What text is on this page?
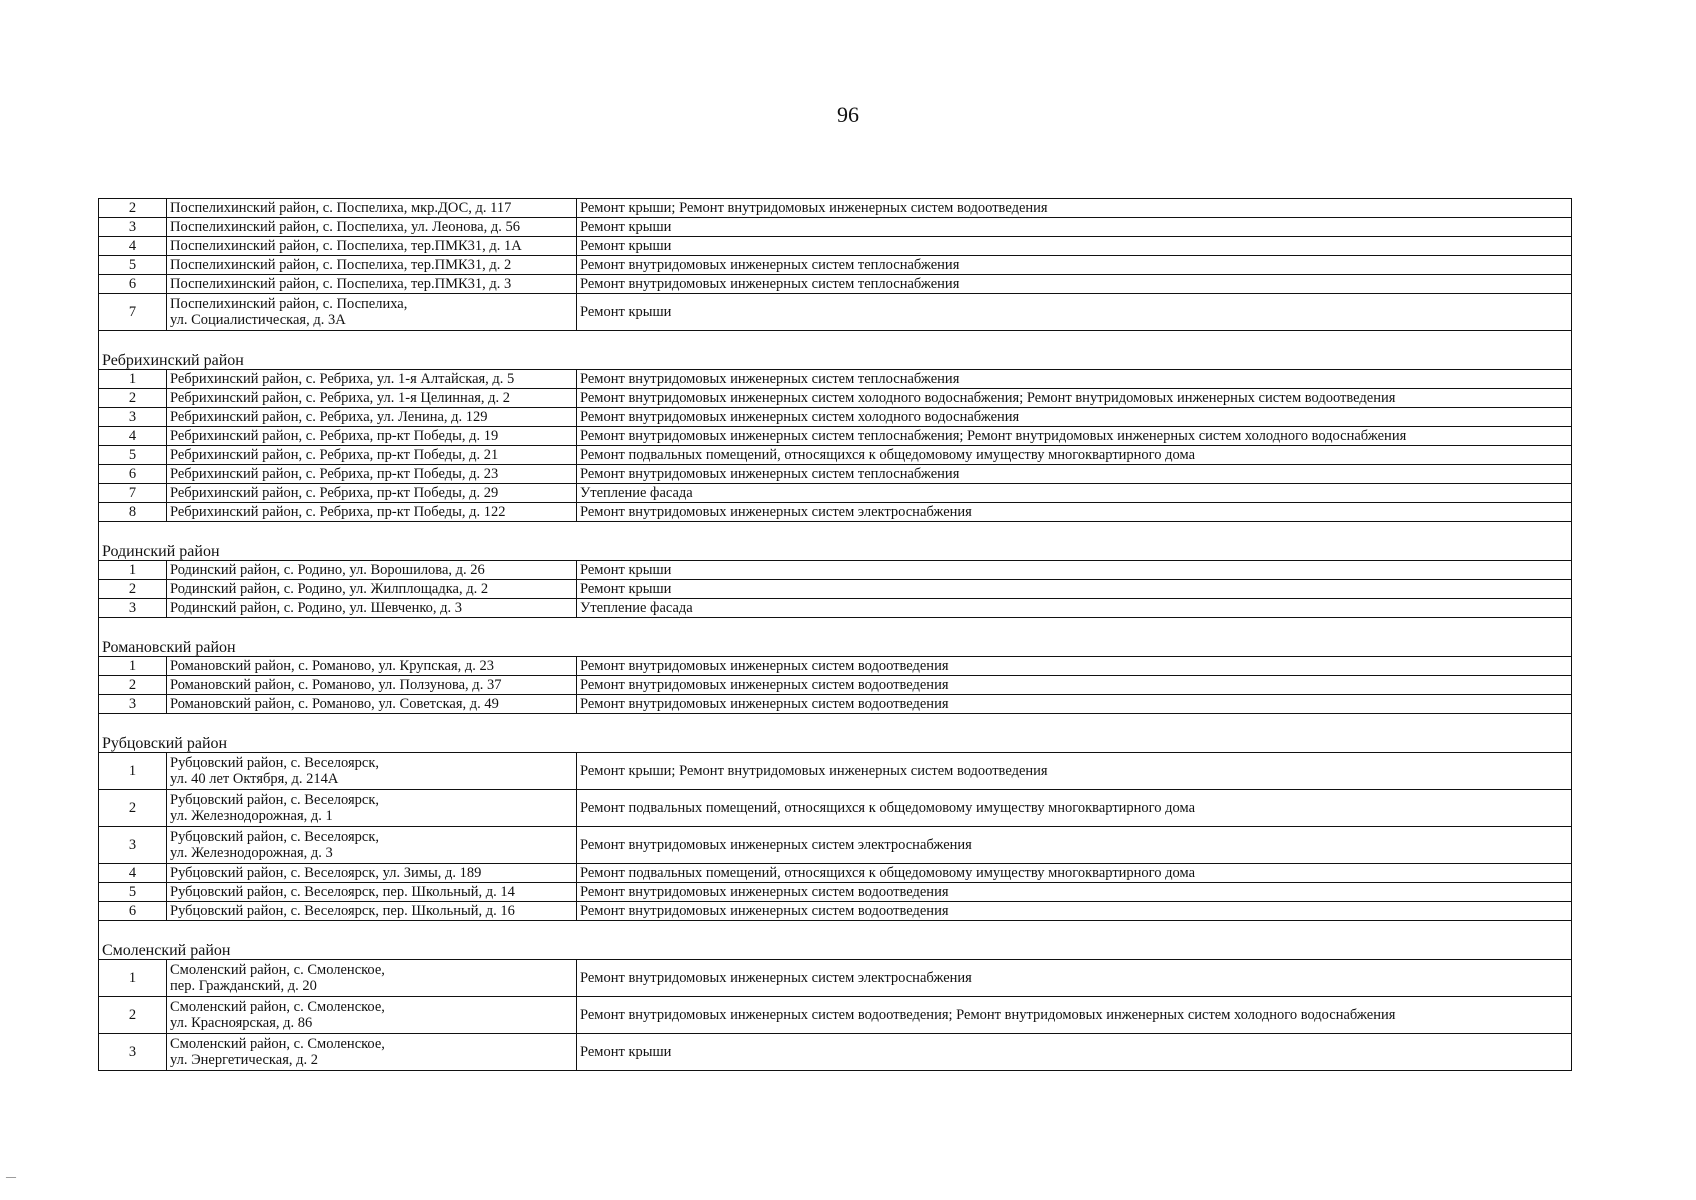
96
2	Поспелихинский район, с. Поспелиха, мкр.ДОС, д. 117	Ремонт крыши; Ремонт внутридомовых инженерных систем водоотведения
3	Поспелихинский район, с. Поспелиха, ул. Леонова, д. 56	Ремонт крыши
4	Поспелихинский район, с. Поспелиха, тер.ПМК31, д. 1А	Ремонт крыши
5	Поспелихинский район, с. Поспелиха, тер.ПМК31, д. 2	Ремонт внутридомовых инженерных систем теплоснабжения
6	Поспелихинский район, с. Поспелиха, тер.ПМК31, д. 3	Ремонт внутридомовых инженерных систем теплоснабжения
7	Поспелихинский район, с. Поспелиха,
ул. Социалистическая, д. 3А	Ремонт крыши

Ребрихинский район		
1	Ребрихинский район, с. Ребриха, ул. 1-я Алтайская, д. 5	Ремонт внутридомовых инженерных систем теплоснабжения
2	Ребрихинский район, с. Ребриха, ул. 1-я Целинная, д. 2	Ремонт внутридомовых инженерных систем холодного водоснабжения; Ремонт внутридомовых инженерных систем водоотведения
3	Ребрихинский район, с. Ребриха, ул. Ленина, д. 129	Ремонт внутридомовых инженерных систем холодного водоснабжения
4	Ребрихинский район, с. Ребриха, пр-кт Победы, д. 19	Ремонт внутридомовых инженерных систем теплоснабжения; Ремонт внутридомовых инженерных систем холодного водоснабжения
5	Ребрихинский район, с. Ребриха, пр-кт Победы, д. 21	Ремонт подвальных помещений, относящихся к общедомовому имуществу многоквартирного дома
6	Ребрихинский район, с. Ребриха, пр-кт Победы, д. 23	Ремонт внутридомовых инженерных систем теплоснабжения
7	Ребрихинский район, с. Ребриха, пр-кт Победы, д. 29	Утепление фасада
8	Ребрихинский район, с. Ребриха, пр-кт Победы, д. 122	Ремонт внутридомовых инженерных систем электроснабжения

Родинский район		
1	Родинский район, с. Родино, ул. Ворошилова, д. 26	Ремонт крыши
2	Родинский район, с. Родино, ул. Жилплощадка, д. 2	Ремонт крыши
3	Родинский район, с. Родино, ул. Шевченко, д. 3	Утепление фасада

Романовский район		
1	Романовский район, с. Романово, ул. Крупская, д. 23	Ремонт внутридомовых инженерных систем водоотведения
2	Романовский район, с. Романово, ул. Ползунова, д. 37	Ремонт внутридомовых инженерных систем водоотведения
3	Романовский район, с. Романово, ул. Советская, д. 49	Ремонт внутридомовых инженерных систем водоотведения

Рубцовский район		
1	Рубцовский район, с. Веселоярск,
ул. 40 лет Октября, д. 214А	Ремонт крыши; Ремонт внутридомовых инженерных систем водоотведения
2	Рубцовский район, с. Веселоярск,
ул. Железнодорожная, д. 1	Ремонт подвальных помещений, относящихся к общедомовому имуществу многоквартирного дома
3	Рубцовский район, с. Веселоярск,
ул. Железнодорожная, д. 3	Ремонт внутридомовых инженерных систем электроснабжения
4	Рубцовский район, с. Веселоярск, ул. Зимы, д. 189	Ремонт подвальных помещений, относящихся к общедомовому имуществу многоквартирного дома
5	Рубцовский район, с. Веселоярск, пер. Школьный, д. 14	Ремонт внутридомовых инженерных систем водоотведения
6	Рубцовский район, с. Веселоярск, пер. Школьный, д. 16	Ремонт внутридомовых инженерных систем водоотведения

Смоленский район		
1	Смоленский район, с. Смоленское,
пер. Гражданский, д. 20	Ремонт внутридомовых инженерных систем электроснабжения
2	Смоленский район, с. Смоленское,
ул. Красноярская, д. 86	Ремонт внутридомовых инженерных систем водоотведения; Ремонт внутридомовых инженерных систем холодного водоснабжения
3	Смоленский район, с. Смоленское,
ул. Энергетическая, д. 2	Ремонт крыши
––
